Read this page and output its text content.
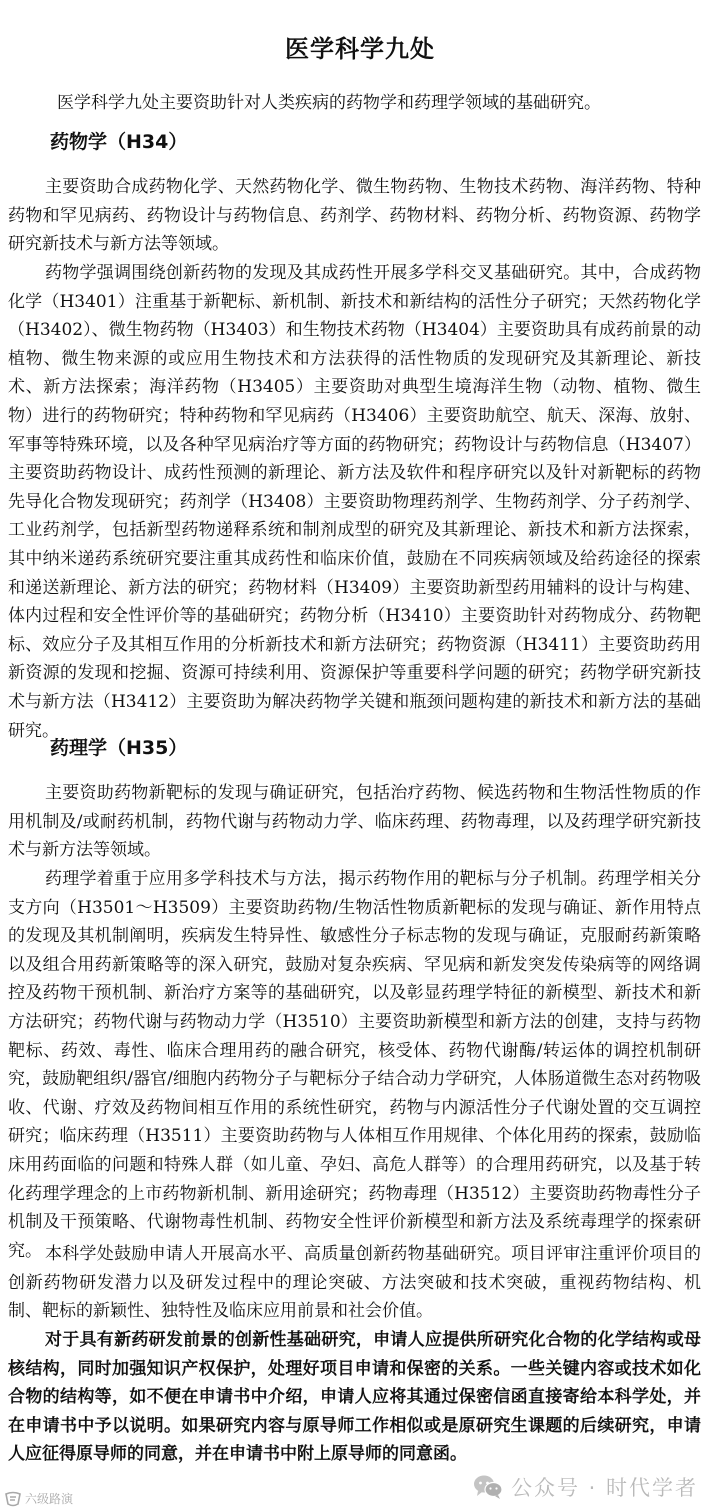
医学科学九处
医学科学九处主要资助针对人类疾病的药物学和药理学领域的基础研究。
药物学（H34）

主要资助合成药物化学、天然药物化学、微生物药物、生物技术药物、海洋药物、特种药物和罕见病药、药物设计与药物信息、药剂学、药物材料、药物分析、药物资源、药物学研究新技术与新方法等领域。

药物学强调围绕创新药物的发现及其成药性开展多学科交叉基础研究。其中，合成药物化学（H3401）注重基于新靶标、新机制、新技术和新结构的活性分子研究；天然药物化学（H3402）、微生物药物（H3403）和生物技术药物（H3404）主要资助具有成药前景的动植物、微生物来源的或应用生物技术和方法获得的活性物质的发现研究及其新理论、新技术、新方法探索；海洋药物（H3405）主要资助对典型生境海洋生物（动物、植物、微生物）进行的药物研究；特种药物和罕见病药（H3406）主要资助航空、航天、深海、放射、军事等特殊环境，以及各种罕见病治疗等方面的药物研究；药物设计与药物信息（H3407）主要资助药物设计、成药性预测的新理论、新方法及软件和程序研究以及针对新靶标的药物先导化合物发现研究；药剂学（H3408）主要资助物理药剂学、生物药剂学、分子药剂学、工业药剂学，包括新型药物递释系统和制剂成型的研究及其新理论、新技术和新方法探索，其中纳米递药系统研究要注重其成药性和临床价值，鼓励在不同疾病领域及给药途径的探索和递送新理论、新方法的研究；药物材料（H3409）主要资助新型药用辅料的设计与构建、体内过程和安全性评价等的基础研究；药物分析（H3410）主要资助针对药物成分、药物靶标、效应分子及其相互作用的分析新技术和新方法研究；药物资源（H3411）主要资助药用新资源的发现和挖掘、资源可持续利用、资源保护等重要科学问题的研究；药物学研究新技术与新方法（H3412）主要资助为解决药物学关键和瓶颈问题构建的新技术和新方法的基础研究。

药理学（H35）

主要资助药物新靶标的发现与确证研究，包括治疗药物、候选药物和生物活性物质的作用机制及/或耐药机制，药物代谢与药物动力学、临床药理、药物毒理，以及药理学研究新技术与新方法等领域。

药理学着重于应用多学科技术与方法，揭示药物作用的靶标与分子机制。药理学相关分支方向（H3501～H3509）主要资助药物/生物活性物质新靶标的发现与确证、新作用特点的发现及其机制阐明，疾病发生特异性、敏感性分子标志物的发现与确证，克服耐药新策略以及组合用药新策略等的深入研究，鼓励对复杂疾病、罕见病和新发突发传染病等的网络调控及药物干预机制、新治疗方案等的基础研究，以及彰显药理学特征的新模型、新技术和新方法研究；药物代谢与药物动力学（H3510）主要资助新模型和新方法的创建，支持与药物靶标、药效、毒性、临床合理用药的融合研究，核受体、药物代谢酶/转运体的调控机制研究，鼓励靶组织/器官/细胞内药物分子与靶标分子结合动力学研究，人体肠道微生态对药物吸收、代谢、疗效及药物间相互作用的系统性研究，药物与内源活性分子代谢处置的交互调控研究；临床药理（H3511）主要资助药物与人体相互作用规律、个体化用药的探索，鼓励临床用药面临的问题和特殊人群（如儿童、孕妇、高危人群等）的合理用药研究，以及基于转化药理学理念的上市药物新机制、新用途研究；药物毒理（H3512）主要资助药物毒性分子机制及干预策略、代谢物毒性机制、药物安全性评价新模型和新方法及系统毒理学的探索研究。 本科学处鼓励申请人开展高水平、高质量创新药物基础研究。项目评审注重评价项目的创新药物研发潜力以及研发过程中的理论突破、方法突破和技术突破，重视药物结构、机制、靶标的新颖性、独特性及临床应用前景和社会价值。

对于具有新药研发前景的创新性基础研究，申请人应提供所研究化合物的化学结构或母核结构，同时加强知识产权保护，处理好项目申请和保密的关系。一些关键内容或技术如化合物的结构等，如不便在申请书中介绍，申请人应将其通过保密信函直接寄给本科学处，并在申请书中予以说明。如果研究内容与原导师工作相似或是原研究生课题的后续研究，申请人应征得原导师的同意，并在申请书中附上原导师的同意函。

公众号 · 时代学者
六级路演
